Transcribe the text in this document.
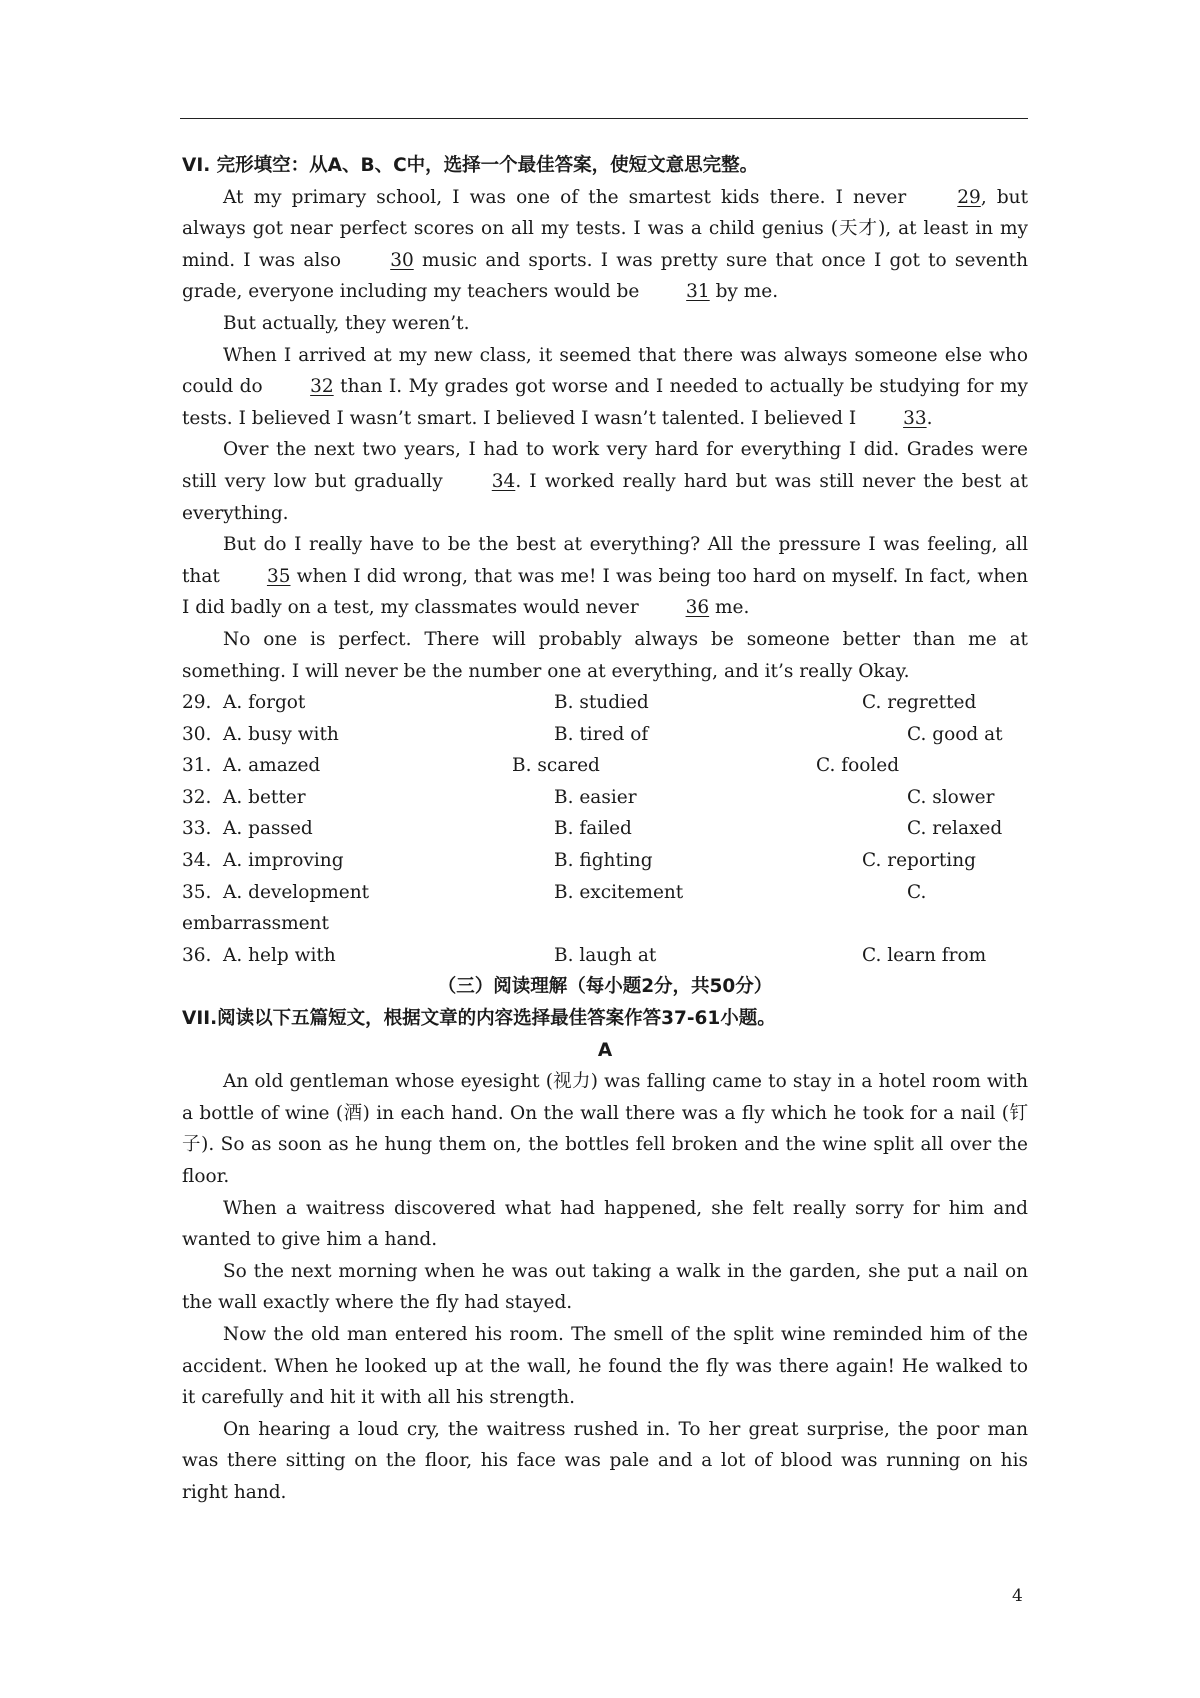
VI. 完形填空：从A、B、C中，选择一个最佳答案，使短文意思完整。

At my primary school, I was one of the smartest kids there. I never 29, but always got near perfect scores on all my tests. I was a child genius (天才), at least in my mind. I was also 30 music and sports. I was pretty sure that once I got to seventh grade, everyone including my teachers would be 31 by me.

But actually, they weren’t.

When I arrived at my new class, it seemed that there was always someone else who could do 32 than I. My grades got worse and I needed to actually be studying for my tests. I believed I wasn’t smart. I believed I wasn’t talented. I believed I 33.

Over the next two years, I had to work very hard for everything I did. Grades were still very low but gradually 34. I worked really hard but was still never the best at everything.

But do I really have to be the best at everything? All the pressure I was feeling, all that 35 when I did wrong, that was me! I was being too hard on myself. In fact, when I did badly on a test, my classmates would never 36 me.

No one is perfect. There will probably always be someone better than me at something. I will never be the number one at everything, and it’s really Okay.

29. A. forgot	B. studied	C. regretted
30. A. busy with	B. tired of	C. good at
31. A. amazed	B. scared	C. fooled
32. A. better	B. easier	C. slower
33. A. passed	B. failed	C. relaxed
34. A. improving	B. fighting	C. reporting
35. A. development	B. excitement	C.
embarrassment
36. A. help with	B. laugh at	C. learn from
（三）阅读理解（每小题2分，共50分）
VII.阅读以下五篇短文，根据文章的内容选择最佳答案作答37-61小题。
A

An old gentleman whose eyesight (视力) was falling came to stay in a hotel room with a bottle of wine (酒) in each hand. On the wall there was a fly which he took for a nail (钉子). So as soon as he hung them on, the bottles fell broken and the wine split all over the floor.

When a waitress discovered what had happened, she felt really sorry for him and wanted to give him a hand.

So the next morning when he was out taking a walk in the garden, she put a nail on the wall exactly where the fly had stayed.

Now the old man entered his room. The smell of the split wine reminded him of the accident. When he looked up at the wall, he found the fly was there again! He walked to it carefully and hit it with all his strength.

On hearing a loud cry, the waitress rushed in. To her great surprise, the poor man was there sitting on the floor, his face was pale and a lot of blood was running on his right hand.

4
